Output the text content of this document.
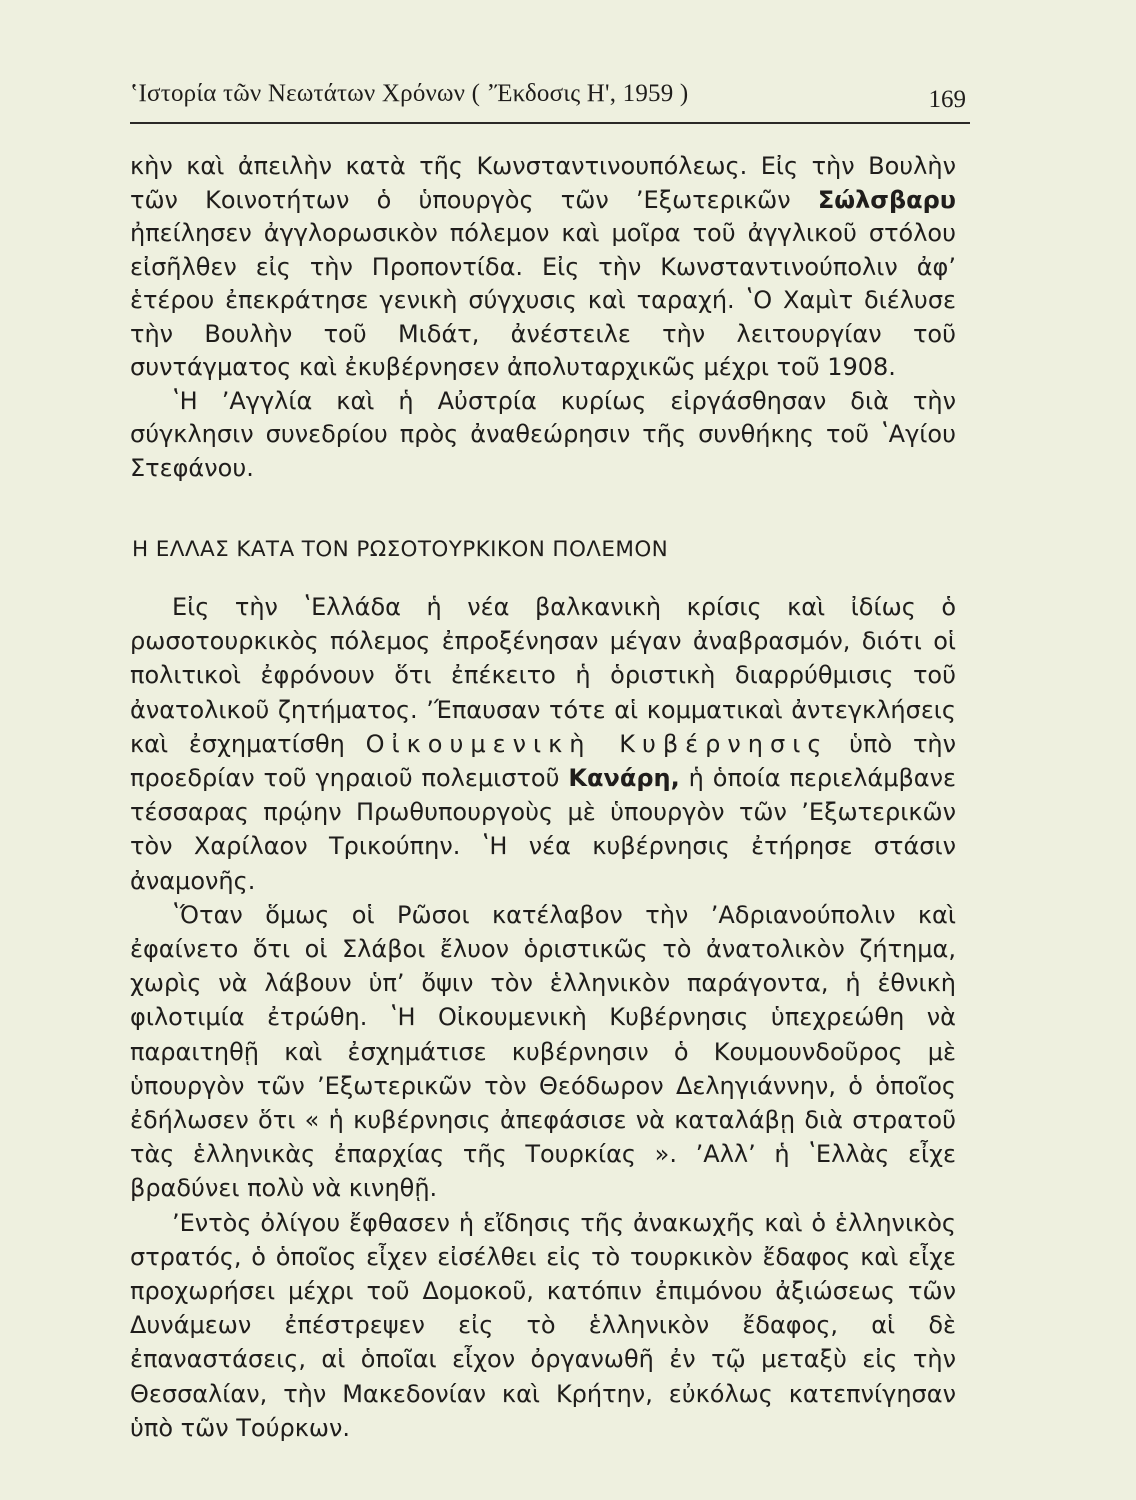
ʽΙστορία τῶν Νεωτάτων Χρόνων ( ʼΈκδοσις Η', 1959 )	169

κὴν καὶ ἀπειλὴν κατὰ τῆς Κωνσταντινουπόλεως. Εἰς τὴν Βουλὴν τῶν Κοινοτήτων ὁ ὑπουργὸς τῶν ʼΕξωτερικῶν Σώλσβαρυ ἠπείλησεν ἀγγλορωσικὸν πόλεμον καὶ μοῖρα τοῦ ἀγγλικοῦ στόλου εἰσῆλθεν εἰς τὴν Προποντίδα. Εἰς τὴν Κωνσταντινούπολιν ἀφʼ ἑτέρου ἐπεκράτησε γενικὴ σύγχυσις καὶ ταραχή. ʽΟ Χαμὶτ διέλυσε τὴν Βουλὴν τοῦ Μιδάτ, ἀνέστειλε τὴν λειτουργίαν τοῦ συντάγματος καὶ ἐκυβέρνησεν ἀπολυταρχικῶς μέχρι τοῦ 1908.

ʽΗ ʼΑγγλία καὶ ἡ Αὐστρία κυρίως εἰργάσθησαν διὰ τὴν σύγκλησιν συνεδρίου πρὸς ἀναθεώρησιν τῆς συνθήκης τοῦ ʽΑγίου Στεφάνου.

Η ΕΛΛΑΣ ΚΑΤΑ ΤΟΝ ΡΩΣΟΤΟΥΡΚΙΚΟΝ ΠΟΛΕΜΟΝ

Εἰς τὴν ʽΕλλάδα ἡ νέα βαλκανικὴ κρίσις καὶ ἰδίως ὁ ρωσοτουρκικὸς πόλεμος ἐπροξένησαν μέγαν ἀναβρασμόν, διότι οἱ πολιτικοὶ ἐφρόνουν ὅτι ἐπέκειτο ἡ ὁριστικὴ διαρρύθμισις τοῦ ἀνατολικοῦ ζητήματος. ʼΈπαυσαν τότε αἱ κομματικαὶ ἀντεγκλήσεις καὶ ἐσχηματίσθη Οἰκουμενικὴ Κυβέρνησις ὑπὸ τὴν προεδρίαν τοῦ γηραιοῦ πολεμιστοῦ Κανάρη, ἡ ὁποία περιελάμβανε τέσσαρας πρῴην Πρωθυπουργοὺς μὲ ὑπουργὸν τῶν ʼΕξωτερικῶν τὸν Χαρίλαον Τρικούπην. ʽΗ νέα κυβέρνησις ἐτήρησε στάσιν ἀναμονῆς.

ʽΌταν ὅμως οἱ Ρῶσοι κατέλαβον τὴν ʼΑδριανούπολιν καὶ ἐφαίνετο ὅτι οἱ Σλάβοι ἔλυον ὁριστικῶς τὸ ἀνατολικὸν ζήτημα, χωρὶς νὰ λάβουν ὑπʼ ὄψιν τὸν ἑλληνικὸν παράγοντα, ἡ ἐθνικὴ φιλοτιμία ἐτρώθη. ʽΗ Οἰκουμενικὴ Κυβέρνησις ὑπεχρεώθη νὰ παραιτηθῇ καὶ ἐσχημάτισε κυβέρνησιν ὁ Κουμουνδοῦρος μὲ ὑπουργὸν τῶν ʼΕξωτερικῶν τὸν Θεόδωρον Δεληγιάννην, ὁ ὁποῖος ἐδήλωσεν ὅτι « ἡ κυβέρνησις ἀπεφάσισε νὰ καταλάβῃ διὰ στρατοῦ τὰς ἑλληνικὰς ἐπαρχίας τῆς Τουρκίας ». ʼΑλλʼ ἡ ʽΕλλὰς εἶχε βραδύνει πολὺ νὰ κινηθῇ.

ʼΕντὸς ὀλίγου ἔφθασεν ἡ εἴδησις τῆς ἀνακωχῆς καὶ ὁ ἑλληνικὸς στρατός, ὁ ὁποῖος εἶχεν εἰσέλθει εἰς τὸ τουρκικὸν ἔδαφος καὶ εἶχε προχωρήσει μέχρι τοῦ Δομοκοῦ, κατόπιν ἐπιμόνου ἀξιώσεως τῶν Δυνάμεων ἐπέστρεψεν εἰς τὸ ἑλληνικὸν ἔδαφος, αἱ δὲ ἐπαναστάσεις, αἱ ὁποῖαι εἶχον ὀργανωθῆ ἐν τῷ μεταξὺ εἰς τὴν Θεσσαλίαν, τὴν Μακεδονίαν καὶ Κρήτην, εὐκόλως κατεπνίγησαν ὑπὸ τῶν Τούρκων.
